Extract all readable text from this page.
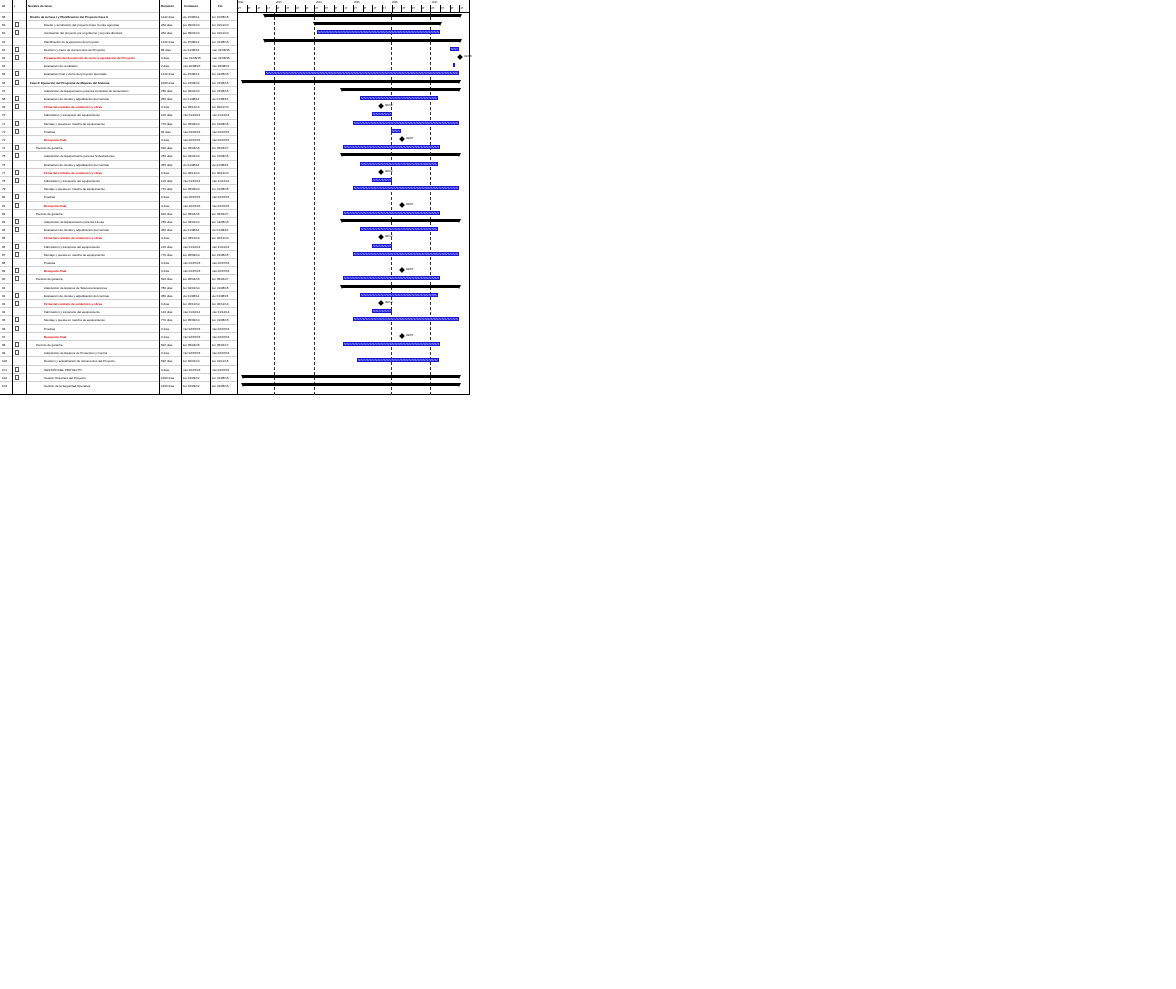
Id	i	Nombre de tarea	Duración	Comienzo	Fin
58	Diseño de la Fase I y Planificación del Proyecto Fase II	1342 días	vie 15/06/12	lun 31/08/15
59	Diseño y aprobación del proyecto Fase II entre agencias	260 días	jue 09/01/14	lun 31/12/14
60	Aprobación del proyecto por el gobierno y la junta directiva	260 días	jue 09/01/14	lun 31/12/14
61	Planificación de la ejecución del proyecto	1342 días	vie 15/06/12	lun 31/08/15
62	Revisión y cierre de documentos del Proyecto	88 días	vie 01/05/15	mar 31/08/15
63	Preparación del documento de cierre y aprobación del Proyecto	0 días	mar 31/08/15	mar 31/08/15
64	Evaluación de resultados	2 días	mié 26/08/15	mié 28/08/15
65	Evaluación final y cierre del proyecto ejecutado	1342 días	vie 15/06/12	lun 31/08/15
66	Fase II: Ejecución del Programa de Mejoras del Sistema	1000 días	lun 16/06/12	lun 31/08/15
67	Adquisición de Equipamiento para las Centrales de Generación	780 días	lun 02/01/14	lun 31/08/15
68	Evaluación de ofertas y adjudicación del contrato	350 días	vie 01/08/14	vie 01/08/15
69	Firma del contrato de suministro y obras	0 días	lun 30/12/14	lun 30/12/14
70	Fabricación y transporte del equipamiento	120 días	mié 01/10/14	mié 31/12/14
71	Montaje y puesta en marcha de equipamiento	770 días	lun 05/09/14	lun 31/08/15
72	Pruebas	65 días	mié 04/04/15	mié 02/07/15
73	Recepción final	0 días	mié 02/07/15	mié 02/07/15
74	Período de garantía	520 días	lun 05/04/15	lun 05/04/17
75	Adquisición de Equipamiento para las Subestaciones	780 días	lun 02/01/14	lun 31/08/15
76	Evaluación de ofertas y adjudicación del contrato	350 días	vie 01/08/14	vie 01/08/15
77	Firma del contrato de suministro y obras	0 días	lun 30/12/14	lun 30/12/14
78	Fabricación y transporte del equipamiento	120 días	mié 01/10/14	mié 31/12/14
79	Montaje y puesta en marcha de equipamiento	770 días	lun 05/09/14	lun 31/08/15
80	Pruebas	0 días	mié 02/07/15	mié 02/07/15
81	Recepción final	0 días	mié 02/07/15	mié 02/07/15
82	Período de garantía	520 días	lun 05/04/15	lun 05/04/17
83	Adquisición de Equipamiento para las Líneas	780 días	lun 02/01/14	lun 31/08/15
84	Evaluación de ofertas y adjudicación del contrato	350 días	vie 01/08/14	vie 01/08/15
85	Firma del contrato de suministro y obras	0 días	lun 30/12/14	lun 30/12/14
86	Fabricación y transporte del equipamiento	120 días	mié 01/10/14	mié 31/12/14
87	Montaje y puesta en marcha de equipamiento	770 días	lun 05/09/14	lun 31/08/15
88	Pruebas	0 días	mié 02/07/15	mié 02/07/15
89	Recepción final	0 días	mié 02/07/15	mié 02/07/15
90	Período de garantía	520 días	lun 05/04/15	lun 05/04/17
91	Adquisición de Equipos de Telecomunicaciones	780 días	lun 02/01/14	lun 31/08/15
92	Evaluación de ofertas y adjudicación del contrato	350 días	vie 01/08/14	vie 01/08/15
93	Firma del contrato de suministro y obras	0 días	lun 30/12/14	lun 30/12/14
94	Fabricación y transporte del equipamiento	120 días	mié 01/10/14	mié 31/12/14
95	Montaje y puesta en marcha de equipamiento	770 días	lun 05/09/14	lun 31/08/15
96	Pruebas	0 días	mié 02/07/15	mié 02/07/15
97	Recepción final	0 días	mié 02/07/15	mié 02/07/15
98	Período de garantía	520 días	lun 05/04/15	lun 05/04/17
99	Adquisición de Equipos de Protección y Control	0 días	mié 02/07/15	mié 02/07/15
100	Revisión y actualización de documentos del Proyecto	530 días	lun 02/01/14	lun 31/12/15
101	GESTIÓN DEL PROYECTO	0 días	mié 02/07/15	mié 02/07/15
102	Gestión financiera del Proyecto	1000 días	lun 16/06/12	lun 31/08/15
103	Gestión de la Seguridad Operativa	1000 días	lun 16/06/12	lun 31/08/15
2012	2013	2014	2015	2016	2017
2T	3T	4T	1T	2T	3T	4T	1T	2T	3T	4T	1T	2T	3T	4T	1T	2T	3T	4T	1T	2T	3T	4T	1T
31/08
30/12
02/07
30/12
02/07
30/12
02/07
30/12
02/07
